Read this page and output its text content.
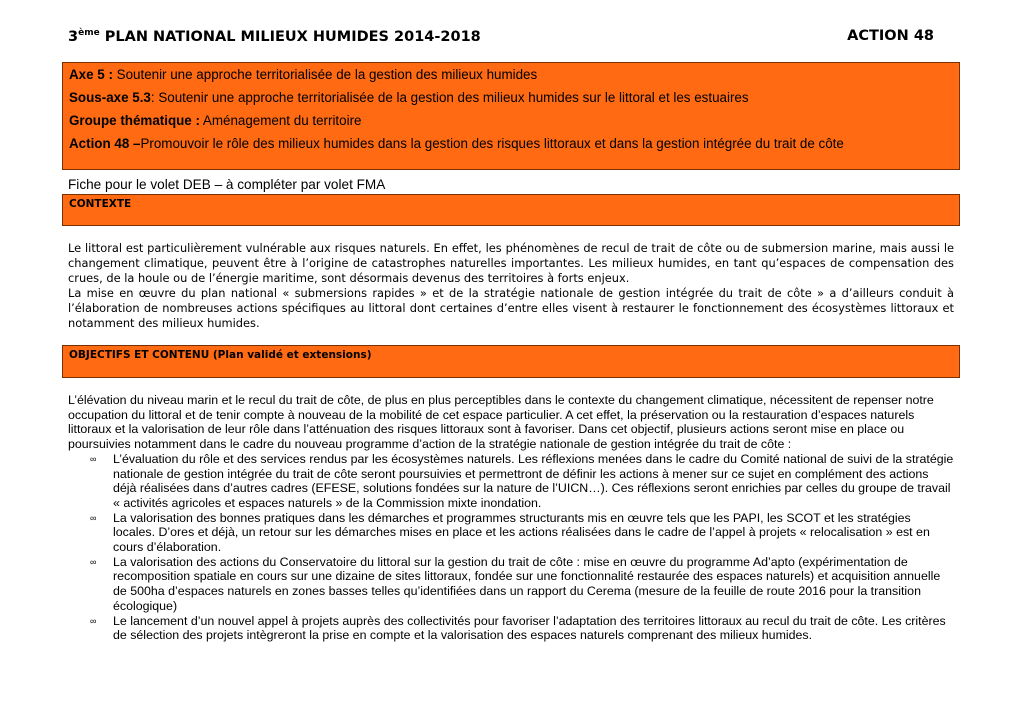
3ème PLAN NATIONAL MILIEUX HUMIDES 2014-2018	ACTION 48

Axe 5 : Soutenir une approche territorialisée de la gestion des milieux humides

Sous-axe 5.3: Soutenir une approche territorialisée de la gestion des milieux humides sur le littoral et les estuaires

Groupe thématique : Aménagement du territoire

Action 48 –Promouvoir le rôle des milieux humides dans la gestion des risques littoraux et dans la gestion intégrée du trait de côte

Fiche pour le volet DEB – à compléter par volet FMA
CONTEXTE

Le littoral est particulièrement vulnérable aux risques naturels. En effet, les phénomènes de recul de trait de côte ou de submersion marine, mais aussi le changement climatique, peuvent être à l’origine de catastrophes naturelles importantes. Les milieux humides, en tant qu’espaces de compensation des crues, de la houle ou de l’énergie maritime, sont désormais devenus des territoires à forts enjeux.

La mise en œuvre du plan national « submersions rapides » et de la stratégie nationale de gestion intégrée du trait de côte » a d’ailleurs conduit à l’élaboration de nombreuses actions spécifiques au littoral dont certaines d’entre elles visent à restaurer le fonctionnement des écosystèmes littoraux et notamment des milieux humides.

OBJECTIFS ET CONTENU (Plan validé et extensions)

L’élévation du niveau marin et le recul du trait de côte, de plus en plus perceptibles dans le contexte du changement climatique, nécessitent de repenser notre occupation du littoral et de tenir compte à nouveau de la mobilité de cet espace particulier. A cet effet, la préservation ou la restauration d’espaces naturels littoraux et la valorisation de leur rôle dans l’atténuation des risques littoraux sont à favoriser. Dans cet objectif, plusieurs actions seront mise en place ou poursuivies notamment dans le cadre du nouveau programme d’action de la stratégie nationale de gestion intégrée du trait de côte :

∞ L’évaluation du rôle et des services rendus par les écosystèmes naturels. Les réflexions menées dans le cadre du Comité national de suivi de la stratégie nationale de gestion intégrée du trait de côte seront poursuivies et permettront de définir les actions à mener sur ce sujet en complément des actions déjà réalisées dans d’autres cadres (EFESE, solutions fondées sur la nature de l’UICN…). Ces réflexions seront enrichies par celles du groupe de travail « activités agricoles et espaces naturels » de la Commission mixte inondation.
∞ La valorisation des bonnes pratiques dans les démarches et programmes structurants mis en œuvre tels que les PAPI, les SCOT et les stratégies locales. D’ores et déjà, un retour sur les démarches mises en place et les actions réalisées dans le cadre de l’appel à projets « relocalisation » est en cours d’élaboration.
∞ La valorisation des actions du Conservatoire du littoral sur la gestion du trait de côte : mise en œuvre du programme Ad’apto (expérimentation de recomposition spatiale en cours sur une dizaine de sites littoraux, fondée sur une fonctionnalité restaurée des espaces naturels) et acquisition annuelle de 500ha d’espaces naturels en zones basses telles qu’identifiées dans un rapport du Cerema (mesure de la feuille de route 2016 pour la transition écologique)
∞ Le lancement d’un nouvel appel à projets auprès des collectivités pour favoriser l’adaptation des territoires littoraux au recul du trait de côte. Les critères de sélection des projets intègreront la prise en compte et la valorisation des espaces naturels comprenant des milieux humides.
